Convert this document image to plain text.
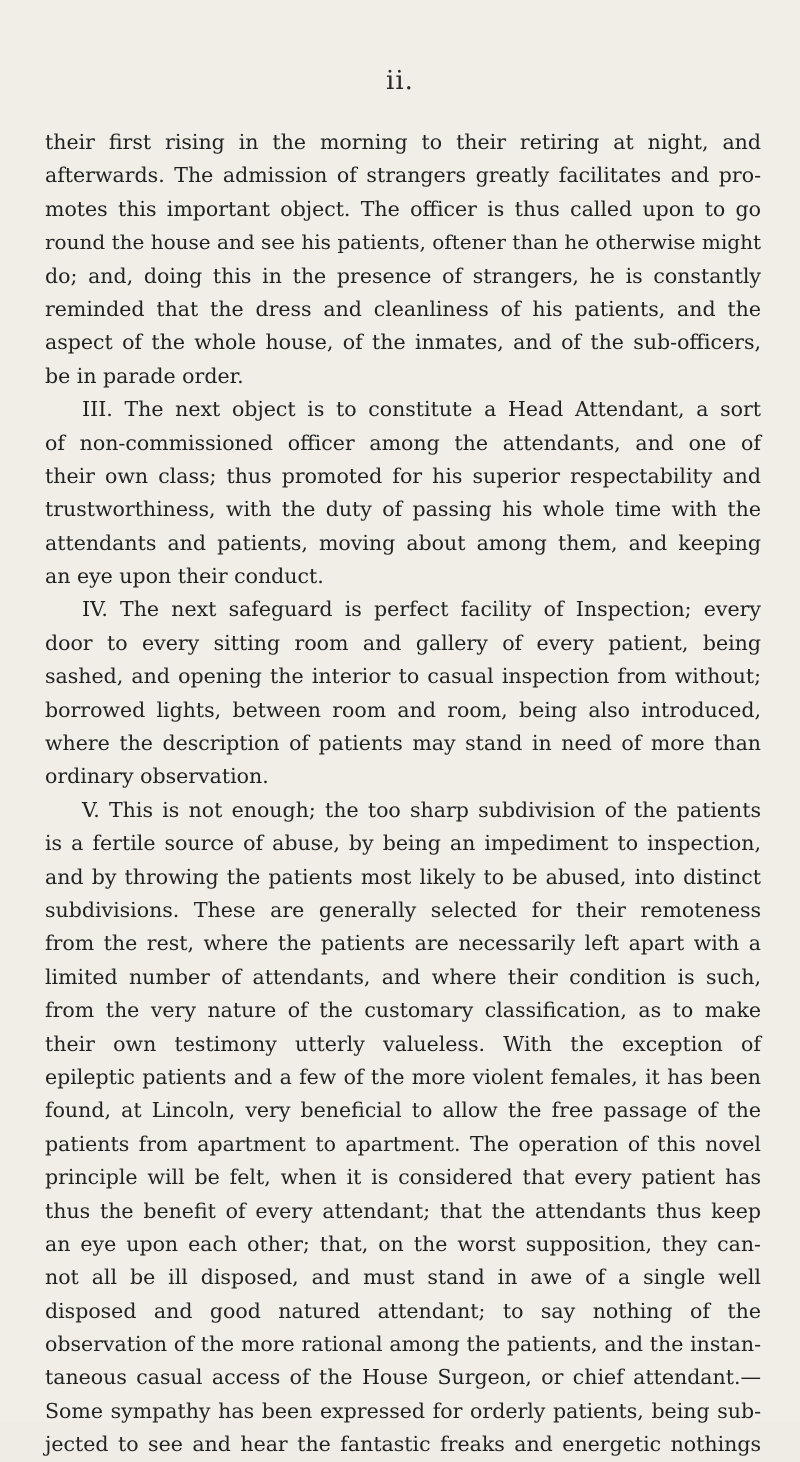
ii.
their first rising in the morning to their retiring at night, and
afterwards. The admission of strangers greatly facilitates and pro-
motes this important object. The officer is thus called upon to go
round the house and see his patients, oftener than he otherwise might
do; and, doing this in the presence of strangers, he is constantly
reminded that the dress and cleanliness of his patients, and the
aspect of the whole house, of the inmates, and of the sub-officers,
be in parade order.
III. The next object is to constitute a Head Attendant, a sort
of non-commissioned officer among the attendants, and one of
their own class; thus promoted for his superior respectability and
trustworthiness, with the duty of passing his whole time with the
attendants and patients, moving about among them, and keeping
an eye upon their conduct.
IV. The next safeguard is perfect facility of Inspection; every
door to every sitting room and gallery of every patient, being
sashed, and opening the interior to casual inspection from without;
borrowed lights, between room and room, being also introduced,
where the description of patients may stand in need of more than
ordinary observation.
V. This is not enough; the too sharp subdivision of the patients
is a fertile source of abuse, by being an impediment to inspection,
and by throwing the patients most likely to be abused, into distinct
subdivisions. These are generally selected for their remoteness
from the rest, where the patients are necessarily left apart with a
limited number of attendants, and where their condition is such,
from the very nature of the customary classification, as to make
their own testimony utterly valueless. With the exception of
epileptic patients and a few of the more violent females, it has been
found, at Lincoln, very beneficial to allow the free passage of the
patients from apartment to apartment. The operation of this novel
principle will be felt, when it is considered that every patient has
thus the benefit of every attendant; that the attendants thus keep
an eye upon each other; that, on the worst supposition, they can-
not all be ill disposed, and must stand in awe of a single well
disposed and good natured attendant; to say nothing of the
observation of the more rational among the patients, and the instan-
taneous casual access of the House Surgeon, or chief attendant.—
Some sympathy has been expressed for orderly patients, being sub-
jected to see and hear the fantastic freaks and energetic nothings
